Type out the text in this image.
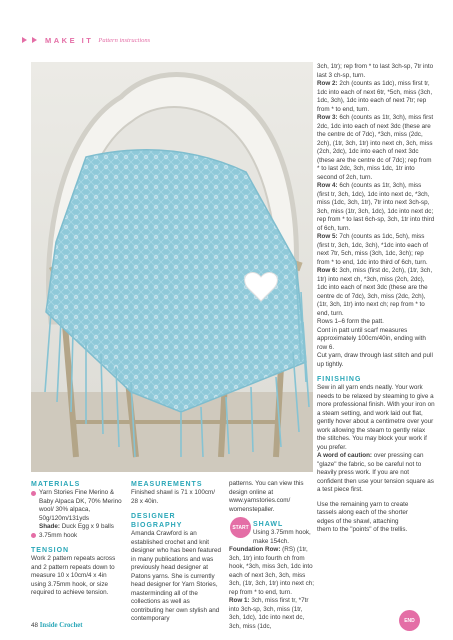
MAKE IT Pattern instructions
MATERIALS
Yarn Stories Fine Merino & Baby Alpaca DK, 70% Merino wool/ 30% alpaca, 50g/120m/131yds
Shade: Duck Egg x 9 balls
3.75mm hook
TENSION

Work 2 pattern repeats across and 2 pattern repeats down to measure 10 x 10cm/4 x 4in using 3.75mm hook, or size required to achieve tension.

MEASUREMENTS

Finished shawl is 71 x 100cm/ 28 x 40in.

DESIGNER BIOGRAPHY

Amanda Crawford is an established crochet and knit designer who has been featured in many publications and was previously head designer at Patons yarns. She is currently head designer for Yarn Stories, masterminding all of the collections as well as contributing her own stylish and contemporary

patterns. You can view this design online at www.yarnstories.com/ womenstepaller.

SHAWL

Using 3.75mm hook, make 154ch.

Foundation Row: (RS) (1tr, 3ch, 1tr) into fourth ch from hook, *3ch, miss 3ch, 1dc into each of next 3ch, 3ch, miss 3ch, (1tr, 3ch, 1tr) into next ch; rep from * to end, turn.

Row 1: 3ch, miss first tr, *7tr into 3ch-sp, 3ch, miss (1tr, 3ch, 1dc), 1dc into next dc, 3ch, miss (1dc,

START

3ch, 1tr); rep from * to last 3ch-sp, 7tr into last 3 ch-sp, turn.

Row 2: 2ch (counts as 1dc), miss first tr, 1dc into each of next 6tr, *5ch, miss (3ch, 1dc, 3ch), 1dc into each of next 7tr; rep from * to end, turn.

Row 3: 6ch (counts as 1tr, 3ch), miss first 2dc, 1dc into each of next 3dc (these are the centre dc of 7dc), *3ch, miss (2dc, 2ch), (1tr, 3ch, 1tr) into next ch, 3ch, miss (2ch, 2dc), 1dc into each of next 3dc (these are the centre dc of 7dc); rep from * to last 2dc, 3ch, miss 1dc, 1tr into second of 2ch, turn.

Row 4: 6ch (counts as 1tr, 3ch), miss (first tr, 3ch, 1dc), 1dc into next dc, *3ch, miss (1dc, 3ch, 1tr), 7tr into next 3ch-sp, 3ch, miss (1tr, 3ch, 1dc), 1dc into next dc; rep from * to last 6ch-sp, 3ch, 1tr into third of 6ch, turn.

Row 5: 7ch (counts as 1dc, 5ch), miss (first tr, 3ch, 1dc, 3ch), *1dc into each of next 7tr, 5ch, miss (3ch, 1dc, 3ch); rep from * to end, 1dc into third of 6ch, turn.

Row 6: 3ch, miss (first dc, 2ch), (1tr, 3ch, 1tr) into next ch, *3ch, miss (2ch, 2dc), 1dc into each of next 3dc (these are the centre dc of 7dc), 3ch, miss (2dc, 2ch), (1tr, 3ch, 1tr) into next ch; rep from * to end, turn.

Rows 1–6 form the patt.

Cont in patt until scarf measures approximately 100cm/40in, ending with row 6.

Cut yarn, draw through last stitch and pull up tightly.

FINISHING

Sew in all yarn ends neatly. Your work needs to be relaxed by steaming to give a more professional finish. With your iron on a steam setting, and work laid out flat, gently hover about a centimetre over your work allowing the steam to gently relax the stitches. You may block your work if you prefer.

A word of caution: over pressing can "glaze" the fabric, so be careful not to heavily press work. If you are not confident then use your tension square as a test piece first.

Use the remaining yarn to create tassels along each of the shorter edges of the shawl, attaching them to the "points" of the trellis.

END
48 Inside Crochet
